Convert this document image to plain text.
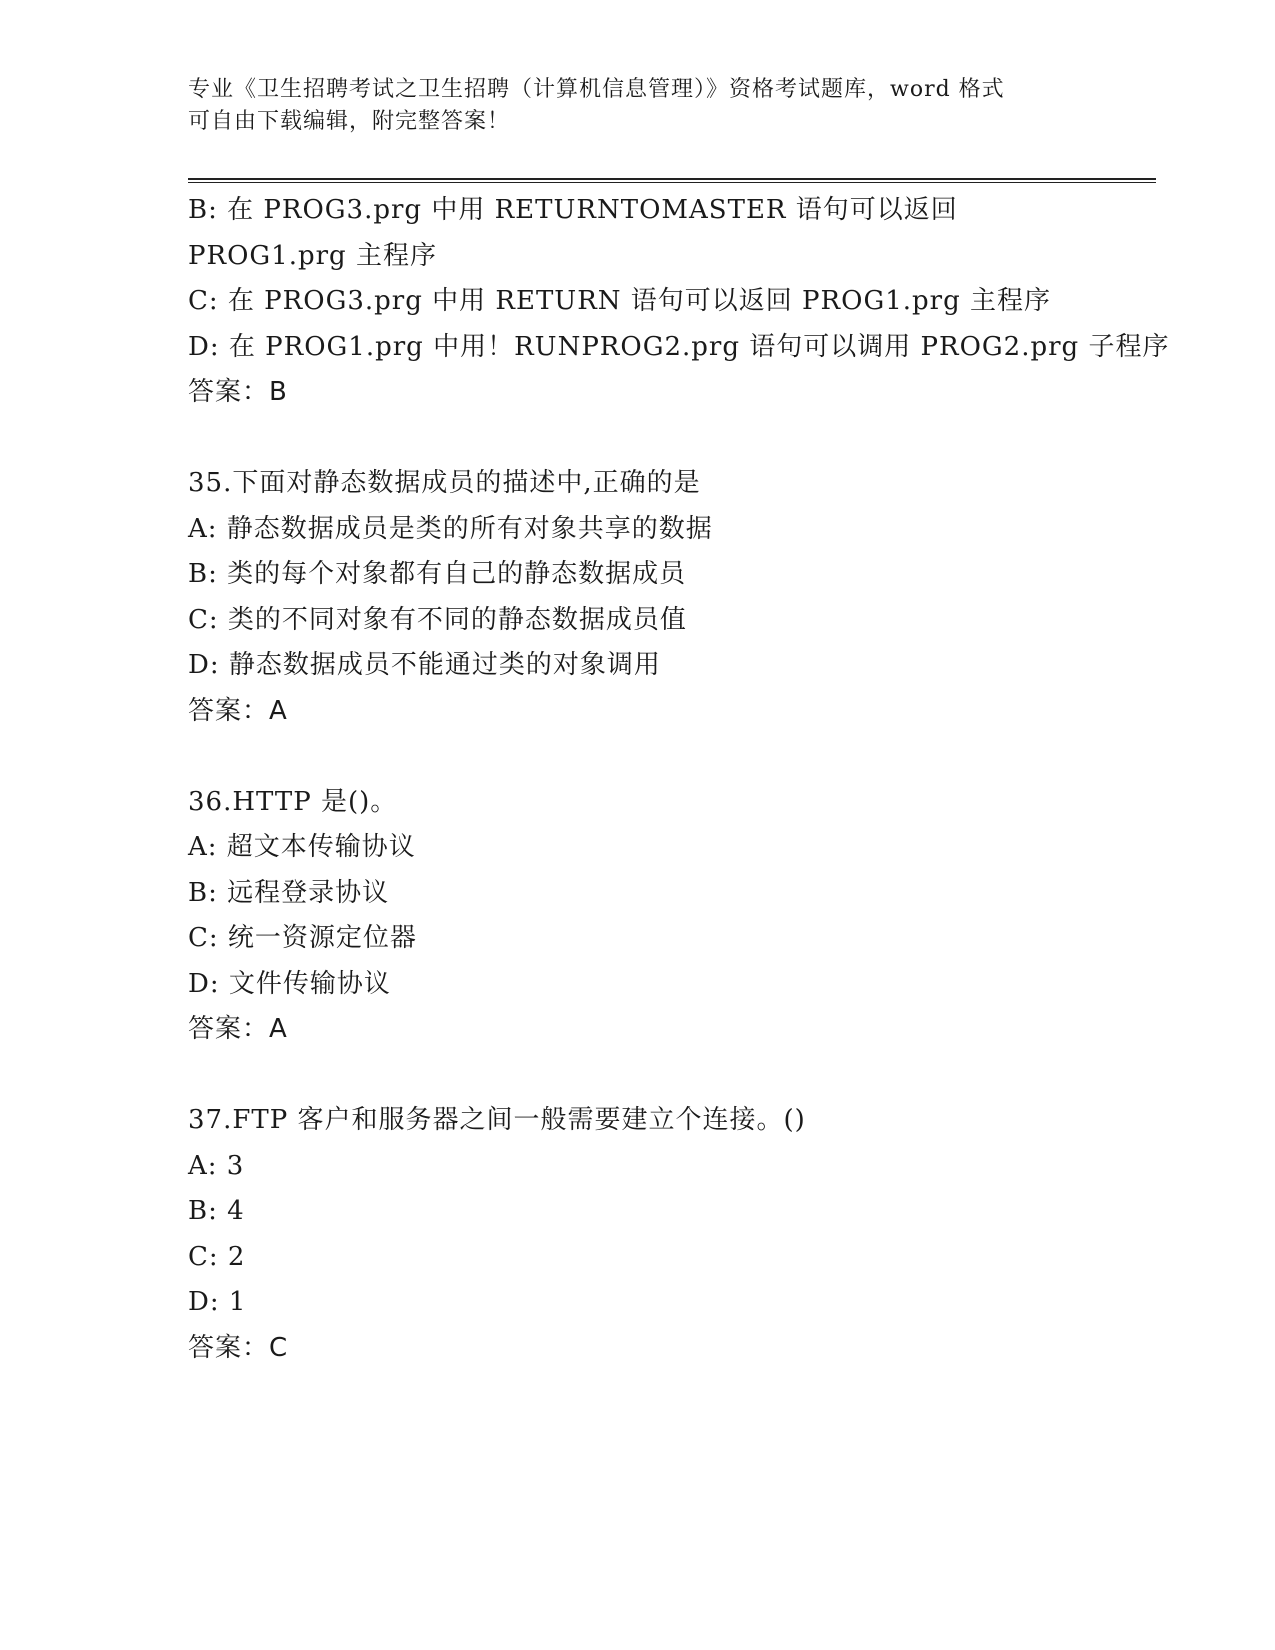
专业《卫生招聘考试之卫生招聘（计算机信息管理）》资格考试题库，word 格式
可自由下载编辑，附完整答案！
B: 在 PROG3.prg 中用 RETURNTOMASTER 语句可以返回 PROG1.prg 主程序
C: 在 PROG3.prg 中用 RETURN 语句可以返回 PROG1.prg 主程序
D: 在 PROG1.prg 中用！RUNPROG2.prg 语句可以调用 PROG2.prg 子程序
答案：B
35.下面对静态数据成员的描述中,正确的是
A: 静态数据成员是类的所有对象共享的数据
B: 类的每个对象都有自己的静态数据成员
C: 类的不同对象有不同的静态数据成员值
D: 静态数据成员不能通过类的对象调用
答案：A
36.HTTP 是()。
A: 超文本传输协议
B: 远程登录协议
C: 统一资源定位器
D: 文件传输协议
答案：A
37.FTP 客户和服务器之间一般需要建立个连接。()
A: 3
B: 4
C: 2
D: 1
答案：C
